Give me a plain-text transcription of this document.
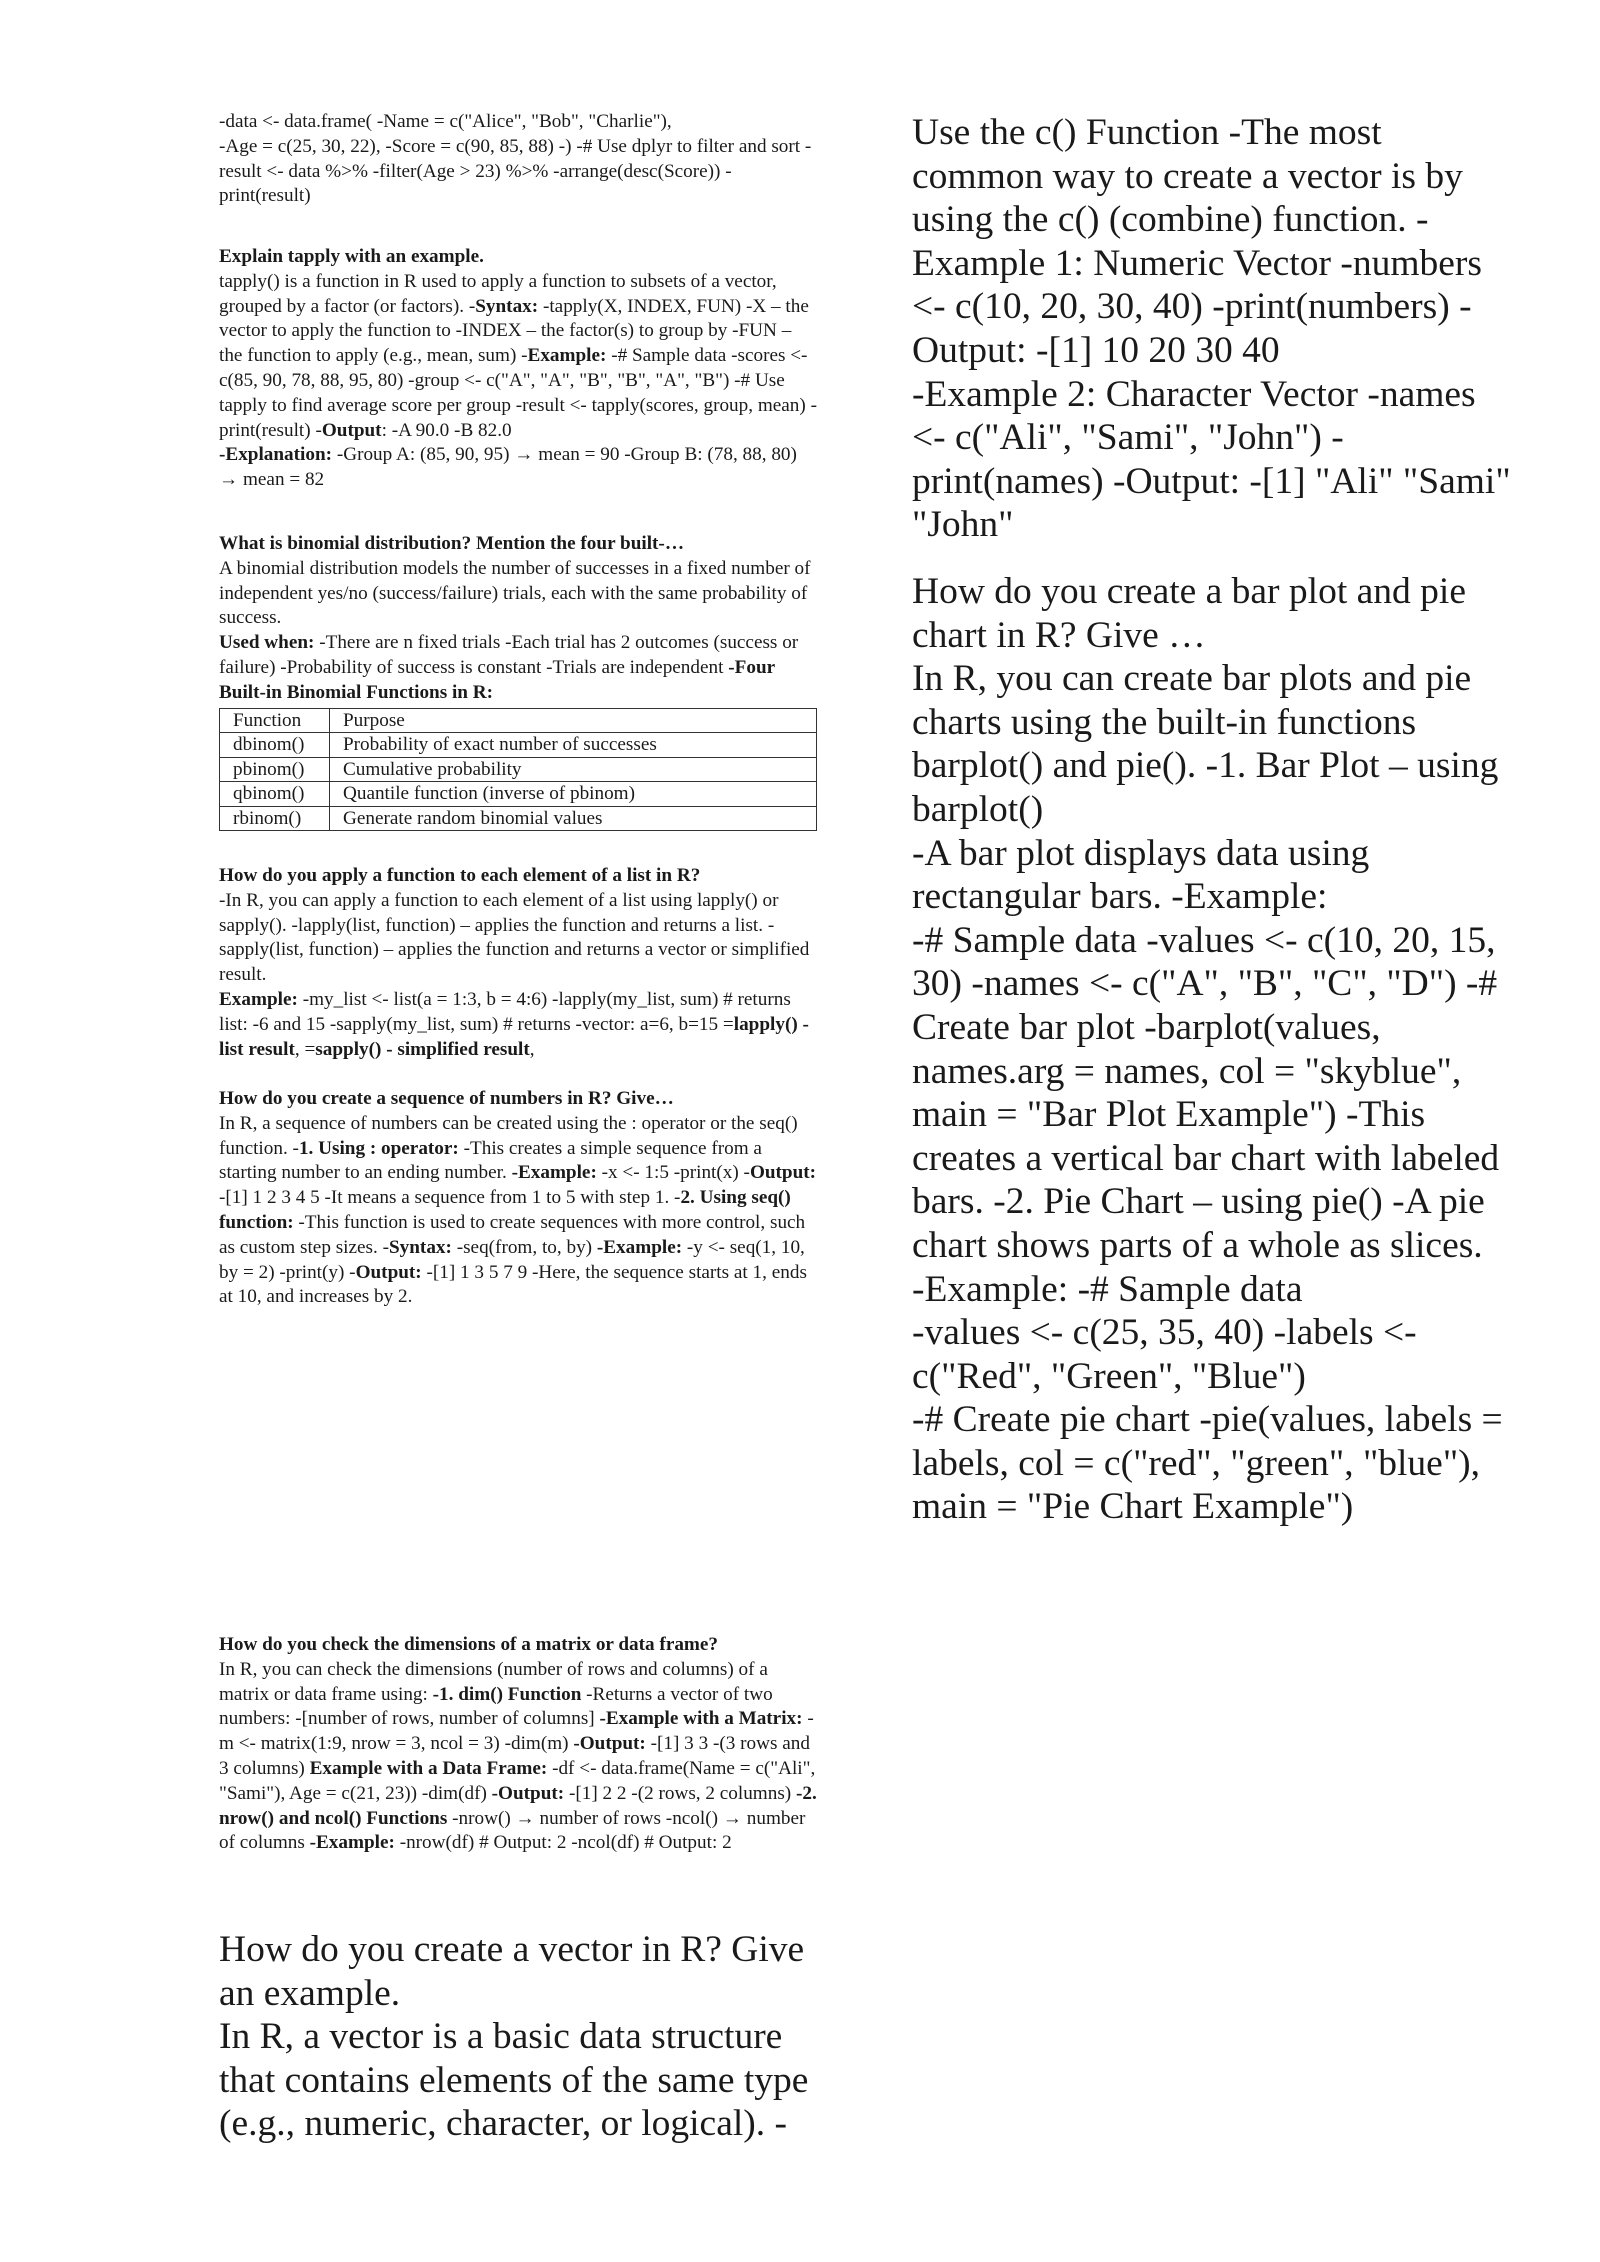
-data <- data.frame( -Name = c("Alice", "Bob", "Charlie"),
-Age = c(25, 30, 22), -Score = c(90, 85, 88) -) -# Use dplyr to filter and sort -result <- data %>% -filter(Age > 23) %>% -arrange(desc(Score)) -print(result)

Explain tapply with an example.

tapply() is a function in R used to apply a function to subsets of a vector, grouped by a factor (or factors). -Syntax: -tapply(X, INDEX, FUN) -X – the vector to apply the function to -INDEX – the factor(s) to group by -FUN – the function to apply (e.g., mean, sum) -Example: -# Sample data -scores <- c(85, 90, 78, 88, 95, 80) -group <- c("A", "A", "B", "B", "A", "B") -# Use tapply to find average score per group -result <- tapply(scores, group, mean) -print(result) -Output: -A 90.0 -B 82.0

-Explanation: -Group A: (85, 90, 95) → mean = 90 -Group B: (78, 88, 80) → mean = 82

What is binomial distribution? Mention the four built-…

A binomial distribution models the number of successes in a fixed number of independent yes/no (success/failure) trials, each with the same probability of success.

Used when: -There are n fixed trials -Each trial has 2 outcomes (success or failure) -Probability of success is constant -Trials are independent -Four Built-in Binomial Functions in R:

Function	Purpose
dbinom()	Probability of exact number of successes
pbinom()	Cumulative probability
qbinom()	Quantile function (inverse of pbinom)
rbinom()	Generate random binomial values

How do you apply a function to each element of a list in R?

-In R, you can apply a function to each element of a list using lapply() or sapply(). -lapply(list, function) – applies the function and returns a list. -sapply(list, function) – applies the function and returns a vector or simplified result.

Example: -my_list <- list(a = 1:3, b = 4:6) -lapply(my_list, sum) # returns list: -6 and 15 -sapply(my_list, sum) # returns -vector: a=6, b=15 =lapply() - list result, =sapply() - simplified result,

How do you create a sequence of numbers in R? Give…

In R, a sequence of numbers can be created using the : operator or the seq() function. -1. Using : operator: -This creates a simple sequence from a starting number to an ending number. -Example: -x <- 1:5 -print(x) -Output: -[1] 1 2 3 4 5 -It means a sequence from 1 to 5 with step 1. -2. Using seq() function: -This function is used to create sequences with more control, such as custom step sizes. -Syntax: -seq(from, to, by) -Example: -y <- seq(1, 10, by = 2) -print(y) -Output: -[1] 1 3 5 7 9 -Here, the sequence starts at 1, ends at 10, and increases by 2.

How do you check the dimensions of a matrix or data frame?

In R, you can check the dimensions (number of rows and columns) of a matrix or data frame using: -1. dim() Function -Returns a vector of two numbers: -[number of rows, number of columns] -Example with a Matrix: -m <- matrix(1:9, nrow = 3, ncol = 3) -dim(m) -Output: -[1] 3 3 -(3 rows and 3 columns) Example with a Data Frame: -df <- data.frame(Name = c("Ali", "Sami"), Age = c(21, 23)) -dim(df) -Output: -[1] 2 2 -(2 rows, 2 columns) -2. nrow() and ncol() Functions -nrow() → number of rows -ncol() → number of columns -Example: -nrow(df) # Output: 2 -ncol(df) # Output: 2

How do you create a vector in R? Give an example.

In R, a vector is a basic data structure that contains elements of the same type (e.g., numeric, character, or logical). -

Use the c() Function -The most common way to create a vector is by using the c() (combine) function. -Example 1: Numeric Vector -numbers <- c(10, 20, 30, 40) -print(numbers) -Output: -[1] 10 20 30 40

-Example 2: Character Vector -names <- c("Ali", "Sami", "John") -print(names) -Output: -[1] "Ali" "Sami" "John"

How do you create a bar plot and pie chart in R? Give …

In R, you can create bar plots and pie charts using the built-in functions barplot() and pie(). -1. Bar Plot – using barplot()

-A bar plot displays data using rectangular bars. -Example:

-# Sample data -values <- c(10, 20, 15, 30) -names <- c("A", "B", "C", "D") -# Create bar plot -barplot(values, names.arg = names, col = "skyblue", main = "Bar Plot Example") -This creates a vertical bar chart with labeled bars. -2. Pie Chart – using pie() -A pie chart shows parts of a whole as slices.

-Example: -# Sample data

-values <- c(25, 35, 40) -labels <- c("Red", "Green", "Blue")

-# Create pie chart -pie(values, labels = labels, col = c("red", "green", "blue"), main = "Pie Chart Example")
